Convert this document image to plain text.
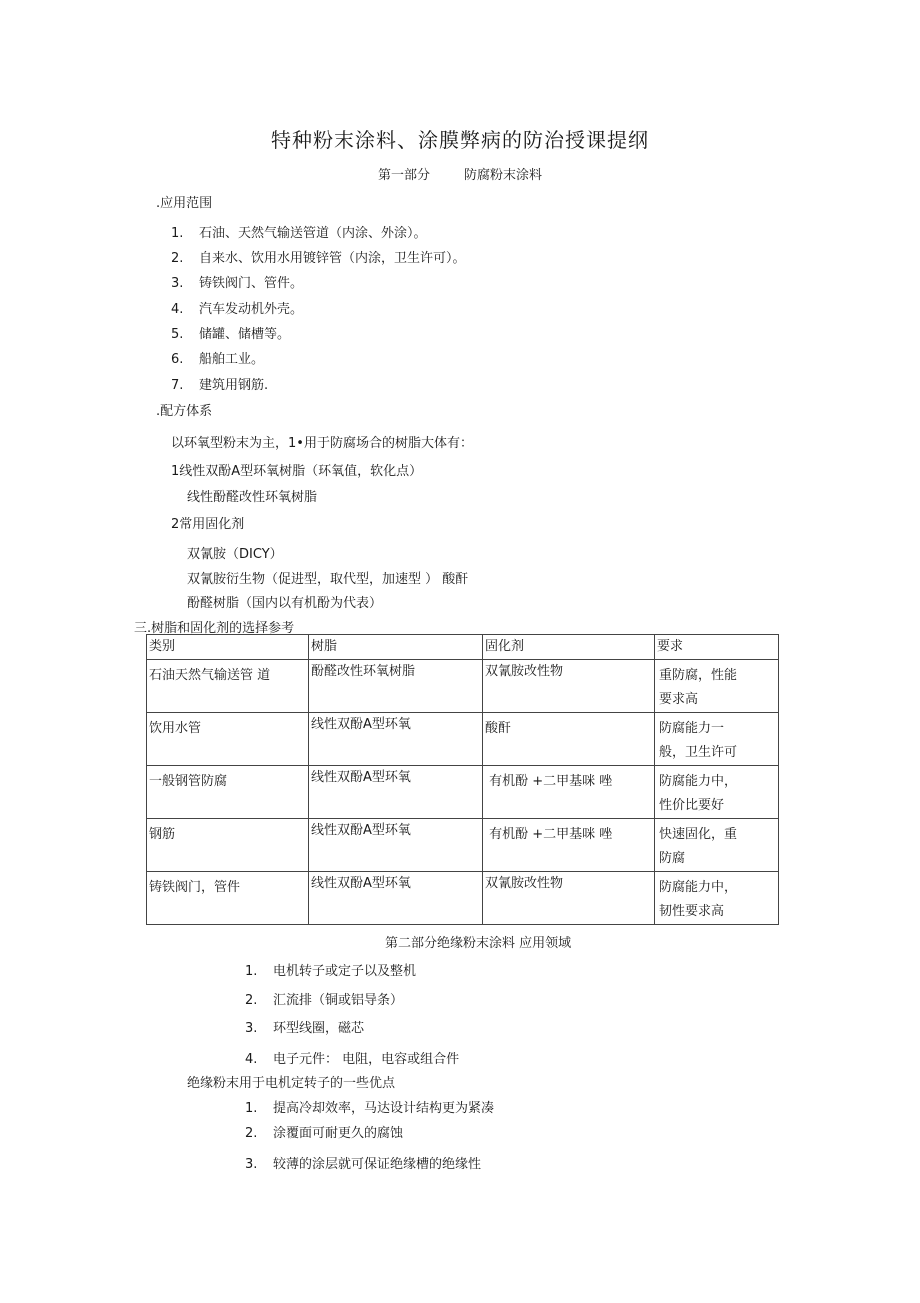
特种粉末涂料、涂膜弊病的防治授课提纲
第一部分	防腐粉末涂料
.应用范围
1. 石油、天然气输送管道（内涂、外涂）。
2. 自来水、饮用水用镀锌管（内涂，卫生许可）。
3. 铸铁阀门、管件。
4. 汽车发动机外壳。
5. 储罐、储槽等。
6. 船舶工业。
7. 建筑用钢筋.
.配方体系
以环氧型粉末为主，1•用于防腐场合的树脂大体有：
1线性双酚A型环氧树脂（环氧值，软化点）
线性酚醛改性环氧树脂
2常用固化剂
双氰胺（DICY）
双氰胺衍生物（促进型，取代型，加速型 ） 酸酐
酚醛树脂（国内以有机酚为代表）
三.树脂和固化剂的选择参考
类别	树脂	固化剂	要求

石油天然气输送管 道	酚醛改性环氧树脂	双氰胺改性物	重防腐，性能
要求高

饮用水管	线性双酚A型环氧	酸酐	防腐能力一
般，卫生许可

一般钢管防腐	线性双酚A型环氧	有机酚 +二甲基咪 唑	防腐能力中，
性价比要好

钢筋	线性双酚A型环氧	有机酚 +二甲基咪 唑	快速固化，重
防腐

铸铁阀门，管件	线性双酚A型环氧	双氰胺改性物	防腐能力中，
韧性要求高
第二部分绝缘粉末涂料 应用领域
1. 电机转子或定子以及整机
2. 汇流排（铜或铝导条）
3. 环型线圈，磁芯
4. 电子元件： 电阻，电容或组合件
绝缘粉末用于电机定转子的一些优点
1. 提高冷却效率，马达设计结构更为紧凑
2. 涂覆面可耐更久的腐蚀
3. 较薄的涂层就可保证绝缘槽的绝缘性
